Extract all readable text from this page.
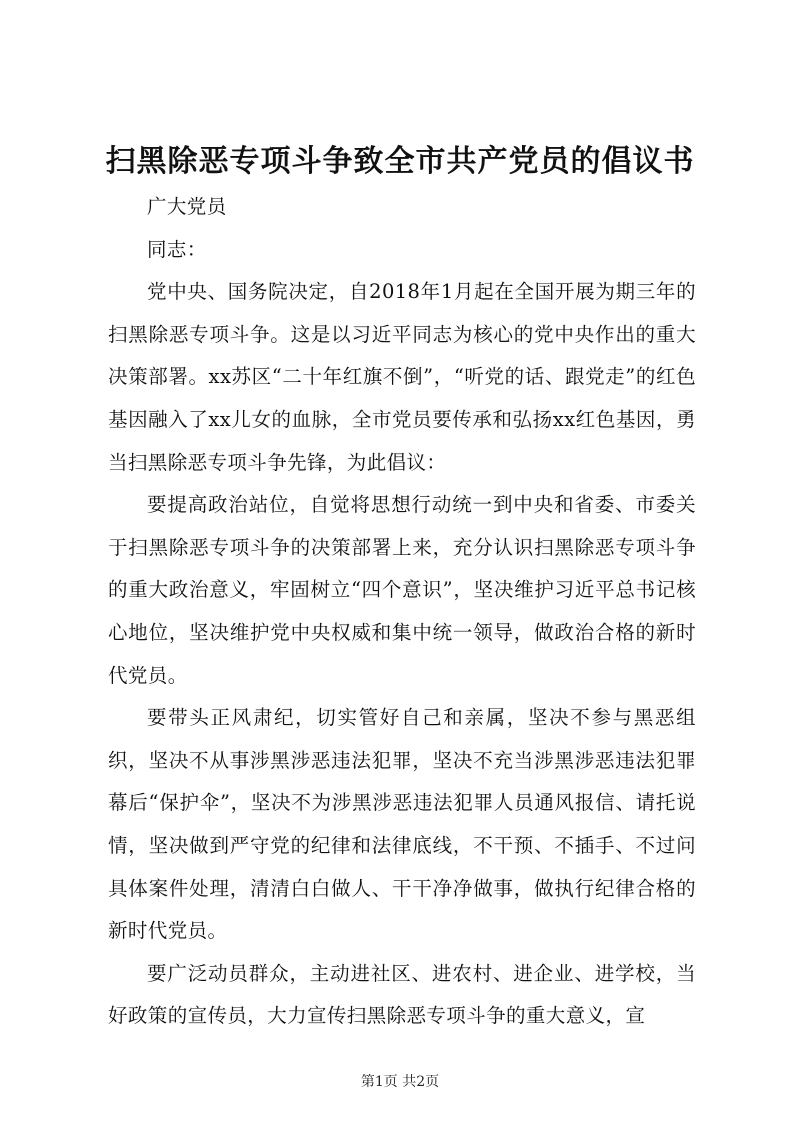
扫黑除恶专项斗争致全市共产党员的倡议书

广大党员

同志：

党中央、国务院决定，自2018年1月起在全国开展为期三年的扫黑除恶专项斗争。这是以习近平同志为核心的党中央作出的重大决策部署。xx苏区“二十年红旗不倒”，“听党的话、跟党走”的红色基因融入了xx儿女的血脉，全市党员要传承和弘扬xx红色基因，勇当扫黑除恶专项斗争先锋，为此倡议：

要提高政治站位，自觉将思想行动统一到中央和省委、市委关于扫黑除恶专项斗争的决策部署上来，充分认识扫黑除恶专项斗争的重大政治意义，牢固树立“四个意识”，坚决维护习近平总书记核心地位，坚决维护党中央权威和集中统一领导，做政治合格的新时代党员。

要带头正风肃纪，切实管好自己和亲属，坚决不参与黑恶组织，坚决不从事涉黑涉恶违法犯罪，坚决不充当涉黑涉恶违法犯罪幕后“保护伞”，坚决不为涉黑涉恶违法犯罪人员通风报信、请托说情，坚决做到严守党的纪律和法律底线，不干预、不插手、不过问具体案件处理，清清白白做人、干干净净做事，做执行纪律合格的新时代党员。

要广泛动员群众，主动进社区、进农村、进企业、进学校，当好政策的宣传员，大力宣传扫黑除恶专项斗争的重大意义，宣

第1页 共2页
